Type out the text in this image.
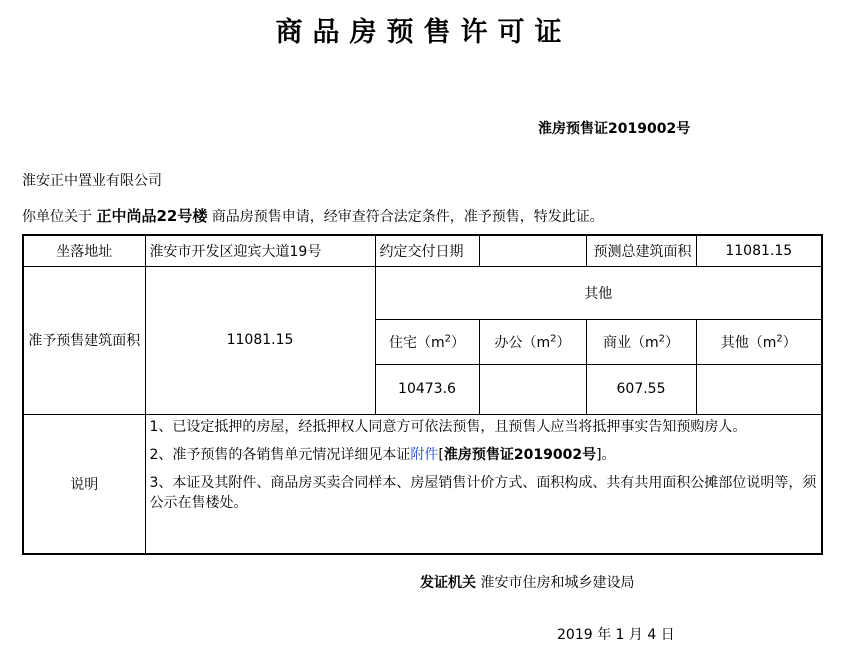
商品房预售许可证
淮房预售证2019002号
淮安正中置业有限公司
你单位关于 正中尚品22号楼 商品房预售申请，经审查符合法定条件，准予预售，特发此证。
坐落地址	淮安市开发区迎宾大道19号	约定交付日期		预测总建筑面积	11081.15
准予预售建筑面积	11081.15	其他			
		住宅$(m^2)$	办公$(m^2)$	商业$(m^2)$	其他$(m^2)$
		10473.6		607.55	
说明	1、已设定抵押的房屋，经抵押权人同意方可依法预售，且预售人应当将抵押事实告知预购房人。

2、准予预售的各销售单元情况详细见本证附件[淮房预售证2019002号]。

3、本证及其附件、商品房买卖合同样本、房屋销售计价方式、面积构成、共有共用面积公摊部位说明等，须公示在售楼处。				

发证机关 淮安市住房和城乡建设局
2019 年 1 月 4 日
